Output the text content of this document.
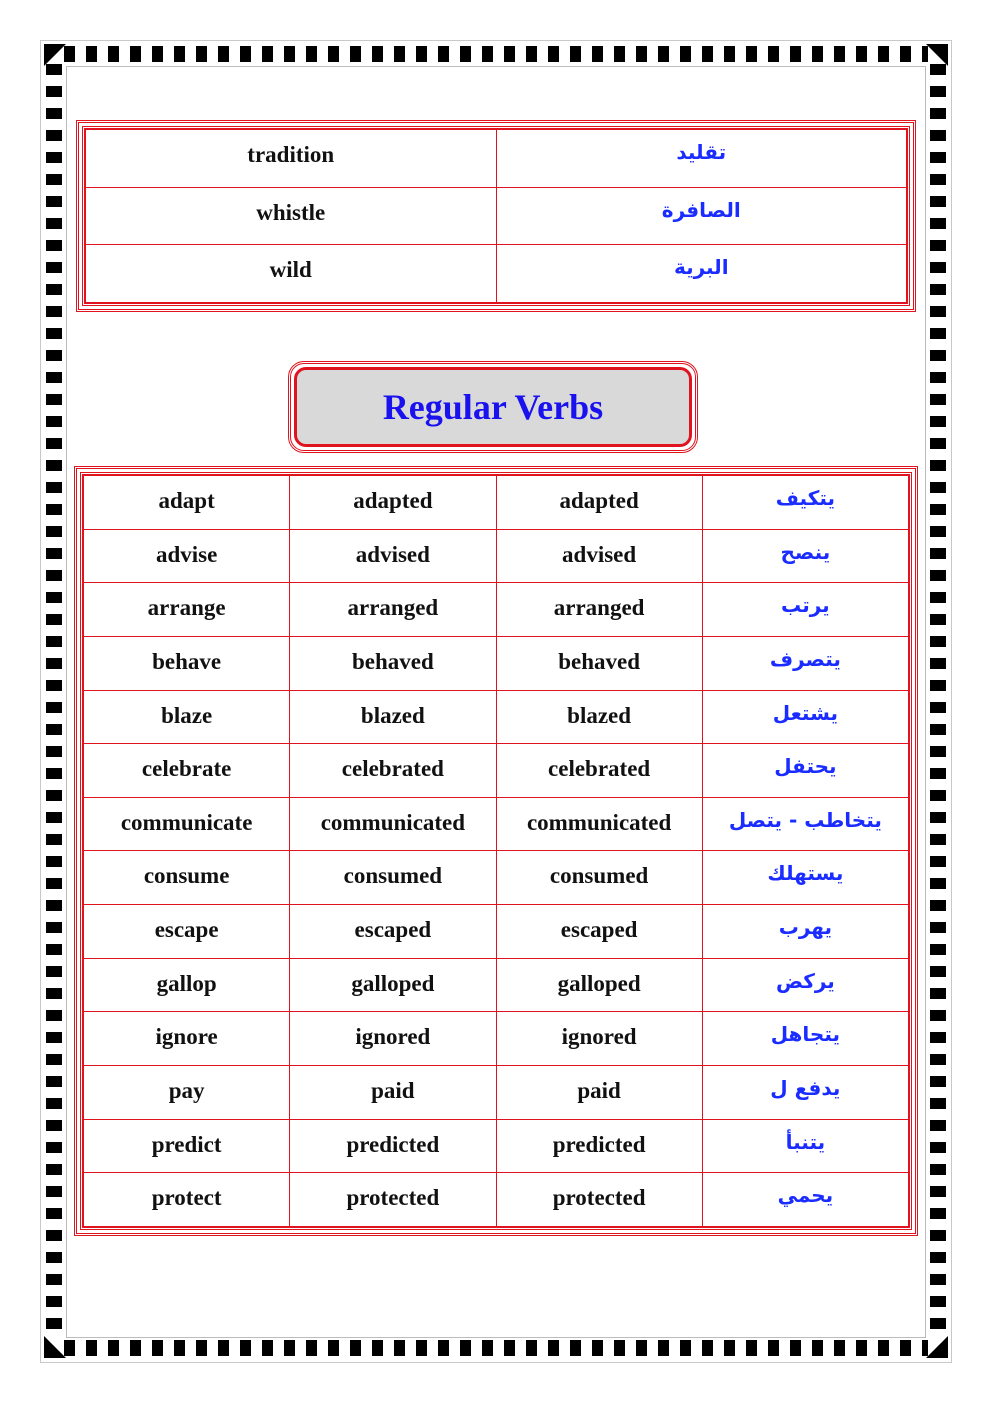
tradition	تقليد
whistle	الصافرة
wild	البرية
Regular Verbs
adapt	adapted	adapted	يتكيف
advise	advised	advised	ينصح
arrange	arranged	arranged	يرتب
behave	behaved	behaved	يتصرف
blaze	blazed	blazed	يشتعل
celebrate	celebrated	celebrated	يحتفل
communicate	communicated	communicated	يتخاطب - يتصل
consume	consumed	consumed	يستهلك
escape	escaped	escaped	يهرب
gallop	galloped	galloped	يركض
ignore	ignored	ignored	يتجاهل
pay	paid	paid	يدفع ل
predict	predicted	predicted	يتنبأ
protect	protected	protected	يحمي
